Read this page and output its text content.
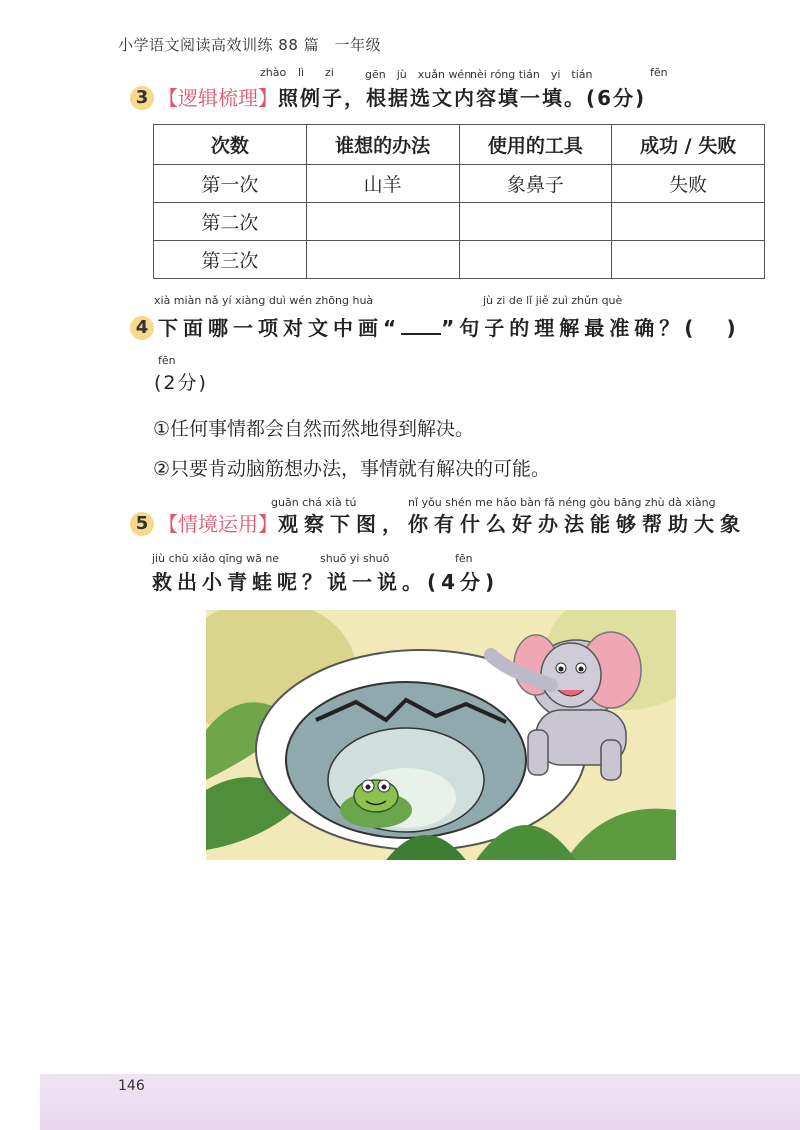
小学语文阅读高效训练 88 篇　一年级
zhào lì zi	gēn　jù　xuǎn wén
nèi róng tián　yi　tián	fēn
3 【逻辑梳理】照例子，根据选文内容填一填。(6分)
次数	谁想的办法	使用的工具	成功 / 失败
第一次	山羊	象鼻子	失败
第二次			
第三次			
xià miàn nǎ yí xiàng duì wén zhōng huà	jù zi de lǐ jiě zuì zhǔn què
4 下面哪一项对文中画“ ”句子的理解最准确？( )
fēn
(2分)
①任何事情都会自然而然地得到解决。
②只要肯动脑筋想办法，事情就有解决的可能。
guān chá xià tú	nǐ yǒu shén me hǎo bàn fǎ néng gòu bāng zhù dà xiàng
5 【情境运用】观察下图，你有什么好办法能够帮助大象
jiù chū xiǎo qīng wā ne	shuō yi shuō	fēn
救出小青蛙呢？说一说。(4分)
146
